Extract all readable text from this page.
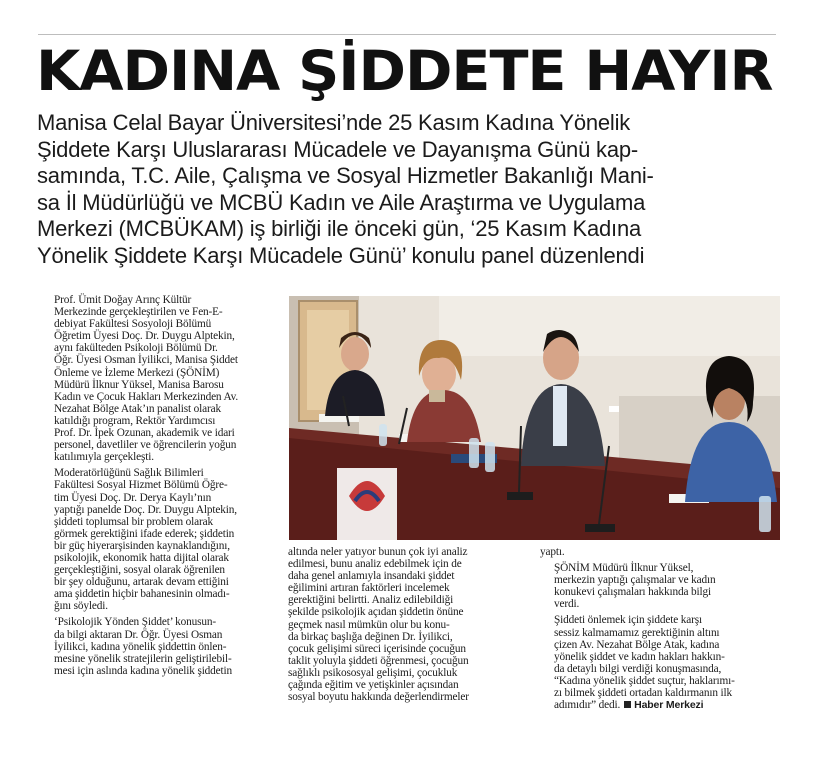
KADINA ŞİDDETE HAYIR
Manisa Celal Bayar Üniversitesi’nde 25 Kasım Kadına Yönelik
Şiddete Karşı Uluslararası Mücadele ve Dayanışma Günü kap-
samında, T.C. Aile, Çalışma ve Sosyal Hizmetler Bakanlığı Mani-
sa İl Müdürlüğü ve MCBÜ Kadın ve Aile Araştırma ve Uygulama
Merkezi (MCBÜKAM) iş birliği ile önceki gün, ‘25 Kasım Kadına
Yönelik Şiddete Karşı Mücadele Günü’ konulu panel düzenlendi

Prof. Ümit Doğay Arınç Kültür
Merkezinde gerçekleştirilen ve Fen-E-
debiyat Fakültesi Sosyoloji Bölümü
Öğretim Üyesi Doç. Dr. Duygu Alptekin,
aynı fakülteden Psikoloji Bölümü Dr.
Öğr. Üyesi Osman İyilikci, Manisa Şiddet
Önleme ve İzleme Merkezi (ŞÖNİM)
Müdürü İlknur Yüksel, Manisa Barosu
Kadın ve Çocuk Hakları Merkezinden Av.
Nezahat Bölge Atak’ın panalist olarak
katıldığı program, Rektör Yardımcısı
Prof. Dr. İpek Ozunan, akademik ve idari
personel, davetliler ve öğrencilerin yoğun
katılımıyla gerçekleşti.

Moderatörlüğünü Sağlık Bilimleri
Fakültesi Sosyal Hizmet Bölümü Öğre-
tim Üyesi Doç. Dr. Derya Kaylı’nın
yaptığı panelde Doç. Dr. Duygu Alptekin,
şiddeti toplumsal bir problem olarak
görmek gerektiğini ifade ederek; şiddetin
bir güç hiyerarşisinden kaynaklandığını,
psikolojik, ekonomik hatta dijital olarak
gerçekleştiğini, sosyal olarak öğrenilen
bir şey olduğunu, artarak devam ettiğini
ama şiddetin hiçbir bahanesinin olmadı-
ğını söyledi.

‘Psikolojik Yönden Şiddet’ konusun-
da bilgi aktaran Dr. Öğr. Üyesi Osman
İyilikci, kadına yönelik şiddettin önlen-
mesine yönelik stratejilerin geliştirilebil-
mesi için aslında kadına yönelik şiddetin

altında neler yatıyor bunun çok iyi analiz
edilmesi, bunu analiz edebilmek için de
daha genel anlamıyla insandaki şiddet
eğilimini artıran faktörleri incelemek
gerektiğini belirtti. Analiz edilebildiği
şekilde psikolojik açıdan şiddetin önüne
geçmek nasıl mümkün olur bu konu-
da birkaç başlığa değinen Dr. İyilikci,
çocuk gelişimi süreci içerisinde çocuğun
taklit yoluyla şiddeti öğrenmesi, çocuğun
sağlıklı psikososyal gelişimi, çocukluk
çağında eğitim ve yetişkinler açısından
sosyal boyutu hakkında değerlendirmeler

yaptı.

ŞÖNİM Müdürü İlknur Yüksel,
merkezin yaptığı çalışmalar ve kadın
konukevi çalışmaları hakkında bilgi
verdi.

Şiddeti önlemek için şiddete karşı
sessiz kalmamamız gerektiğinin altını
çizen Av. Nezahat Bölge Atak, kadına
yönelik şiddet ve kadın hakları hakkın-
da detaylı bilgi verdiği konuşmasında,
“Kadına yönelik şiddet suçtur, haklarımı-
zı bilmek şiddeti ortadan kaldırmanın ilk
adımıdır” dedi. Haber Merkezi
